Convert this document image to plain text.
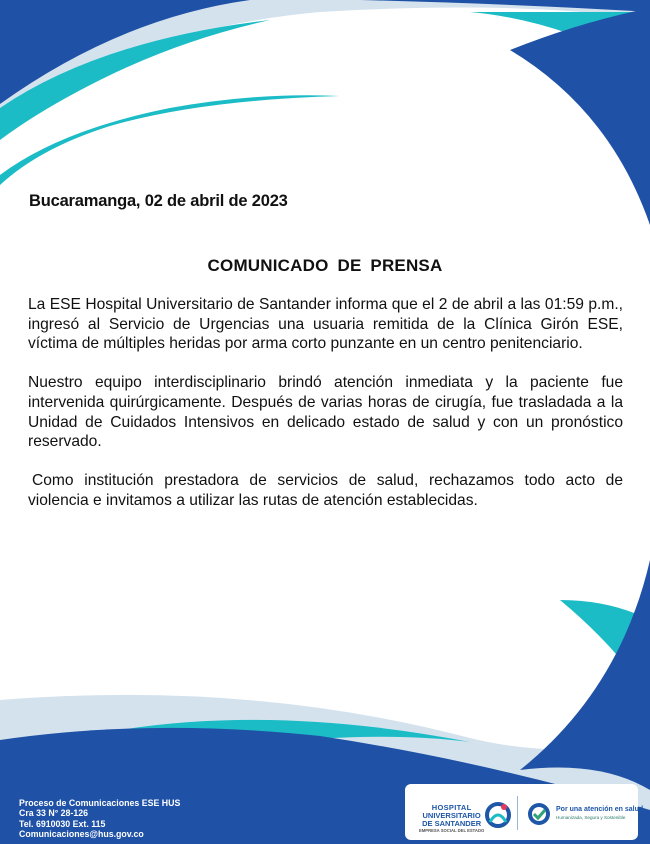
Bucaramanga, 02 de abril de 2023
COMUNICADO DE PRENSA

La ESE Hospital Universitario de Santander informa que el 2 de abril a las 01:59 p.m., ingresó al Servicio de Urgencias una usuaria remitida de la Clínica Girón ESE, víctima de múltiples heridas por arma corto punzante en un centro penitenciario.

Nuestro equipo interdisciplinario brindó atención inmediata y la paciente fue intervenida quirúrgicamente. Después de varias horas de cirugía, fue trasladada a la Unidad de Cuidados Intensivos en delicado estado de salud y con un pronóstico reservado.

Como institución prestadora de servicios de salud, rechazamos todo acto de violencia e invitamos a utilizar las rutas de atención establecidas.

Proceso de Comunicaciones ESE HUS
Cra 33 N° 28-126
Tel. 6910030 Ext. 115
Comunicaciones@hus.gov.co
HOSPITAL
UNIVERSITARIO
DE SANTANDER
EMPRESA SOCIAL DEL ESTADO
Por una atención en salud
Humanizada, Segura y Sostenible
